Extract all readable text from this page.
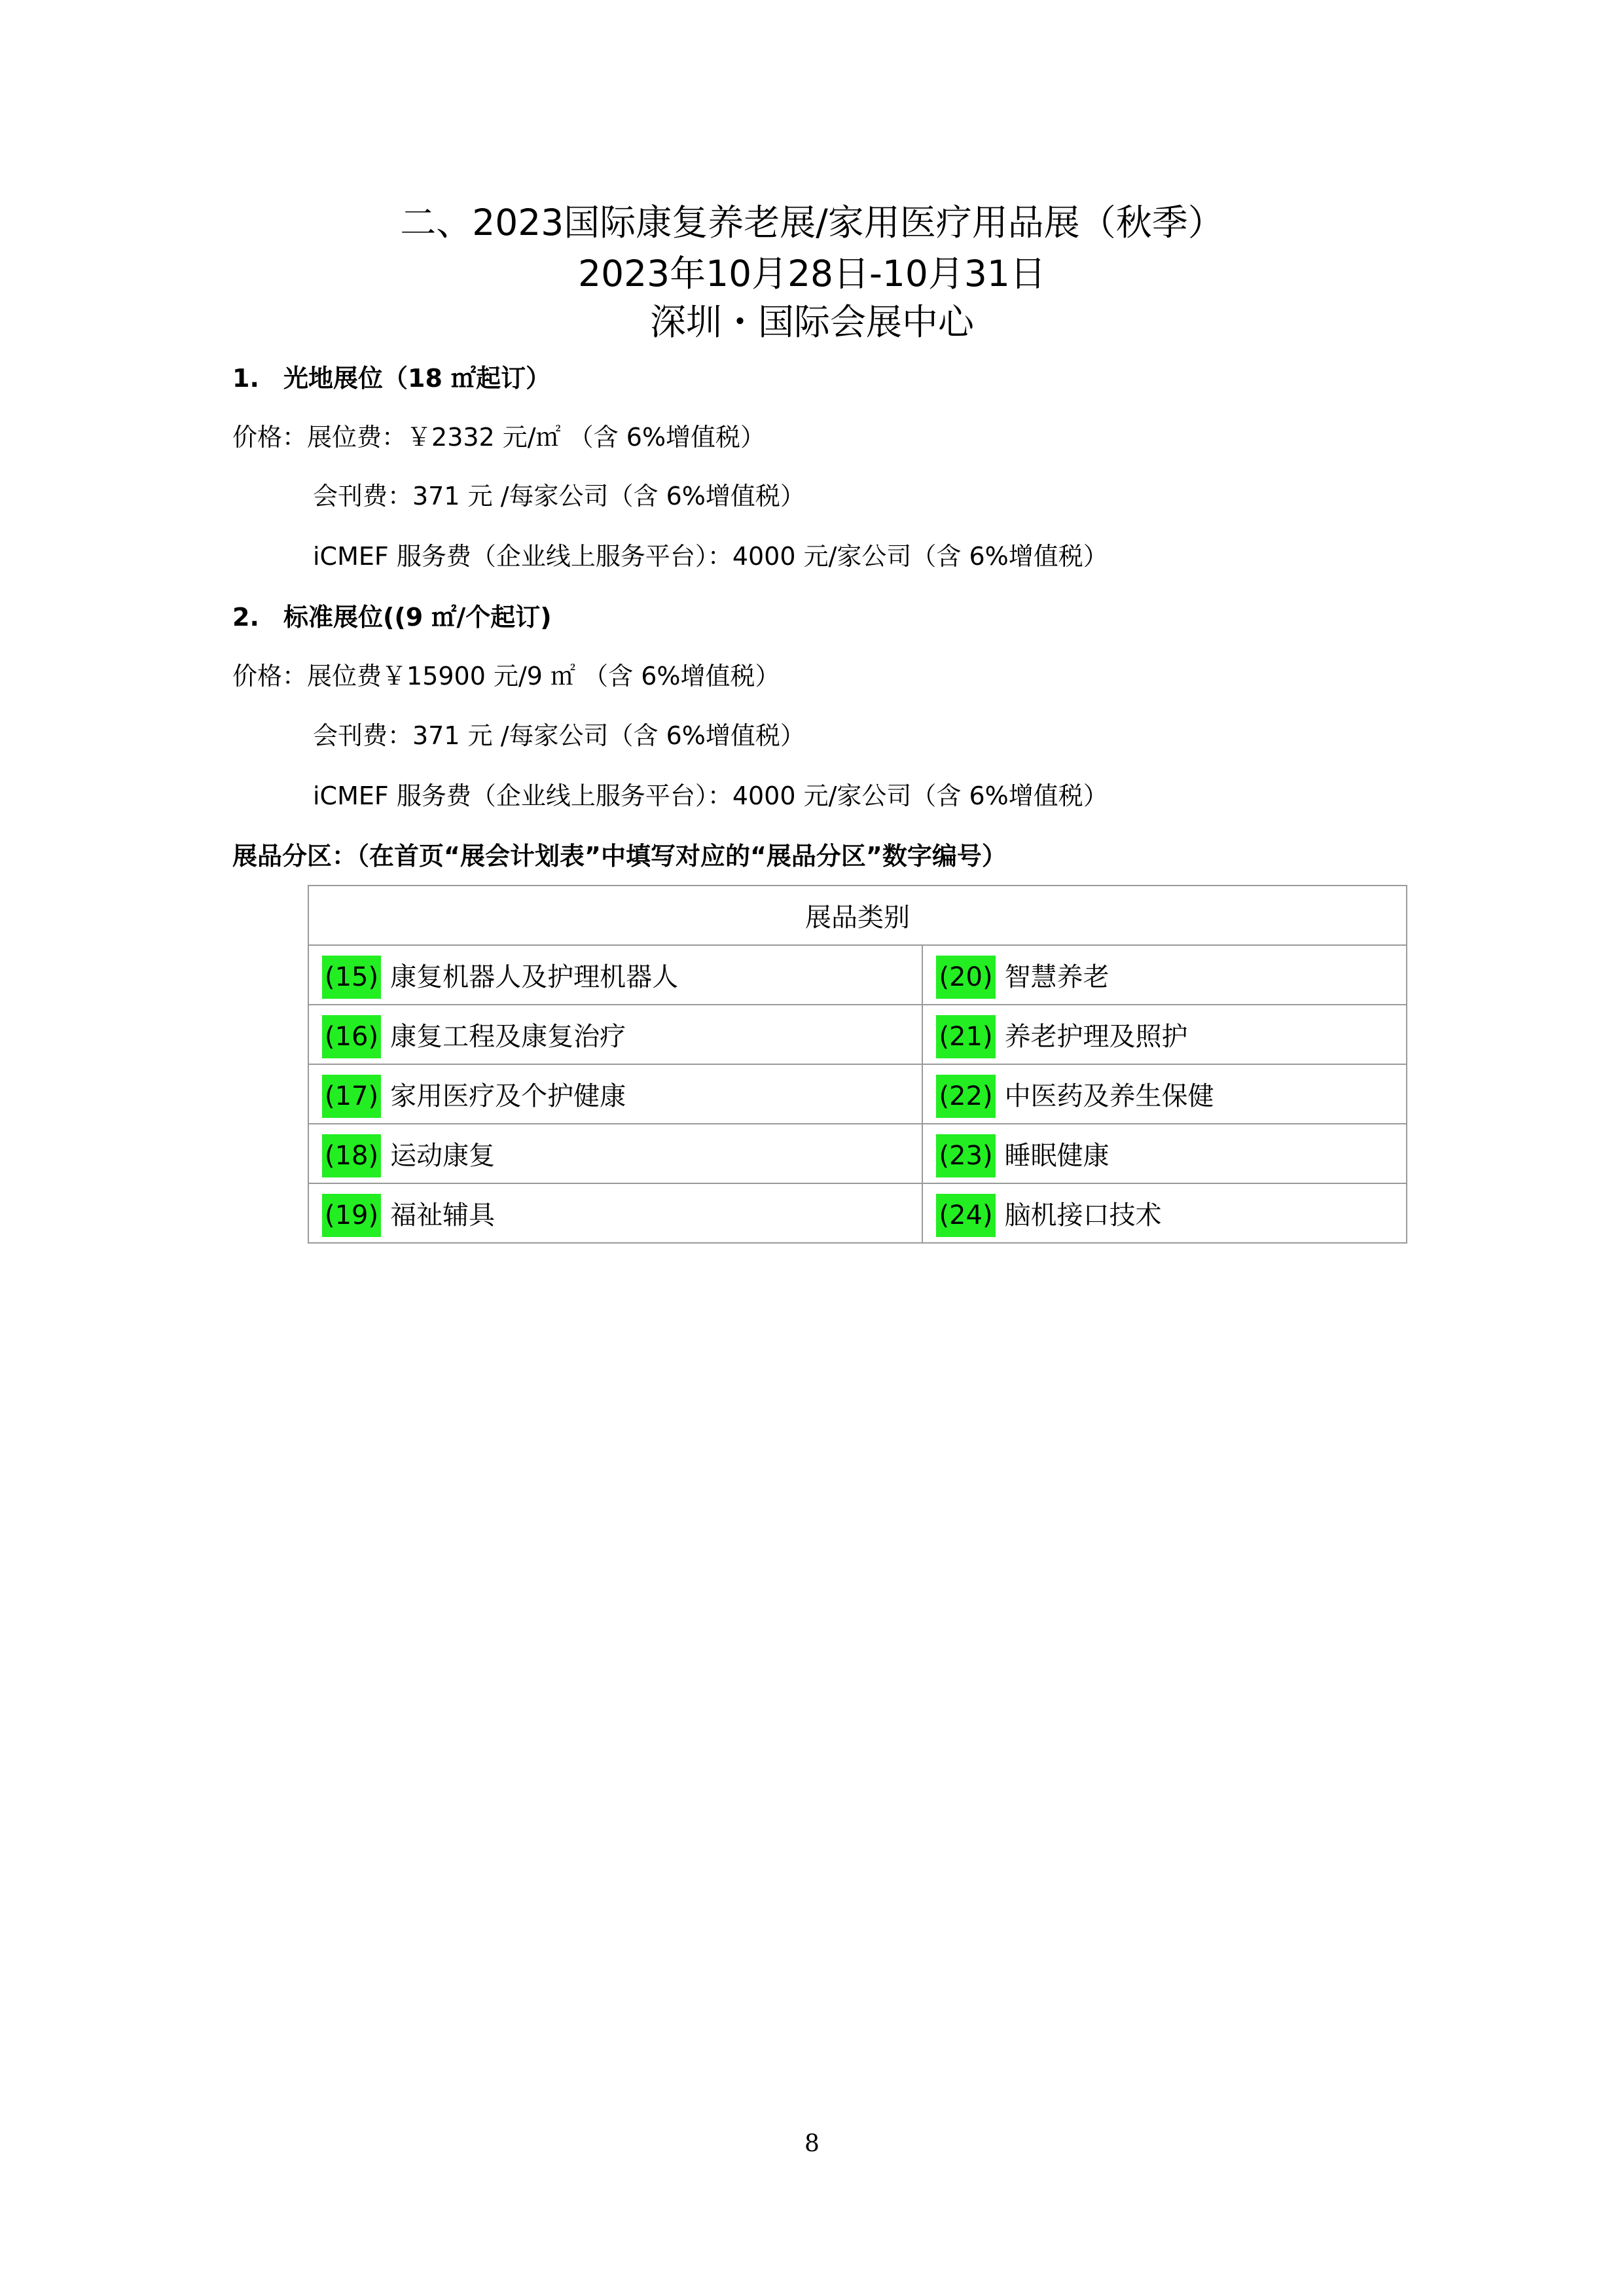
二、2023国际康复养老展/家用医疗用品展（秋季）
2023年10月28日-10月31日
深圳・国际会展中心
1. 光地展位（18 ㎡起订）
价格：展位费：￥2332 元/㎡ （含 6%增值税）
会刊费：371 元 /每家公司（含 6%增值税）
iCMEF 服务费（企业线上服务平台）：4000 元/家公司（含 6%增值税）
2. 标准展位((9 ㎡/个起订)
价格：展位费￥15900 元/9 ㎡ （含 6%增值税）
会刊费：371 元 /每家公司（含 6%增值税）
iCMEF 服务费（企业线上服务平台）：4000 元/家公司（含 6%增值税）
展品分区：（在首页“展会计划表”中填写对应的“展品分区”数字编号）
展品类别	
(15) 康复机器人及护理机器人	(20) 智慧养老
(16) 康复工程及康复治疗	(21) 养老护理及照护
(17) 家用医疗及个护健康	(22) 中医药及养生保健
(18) 运动康复	(23) 睡眠健康
(19) 福祉辅具	(24) 脑机接口技术
8
